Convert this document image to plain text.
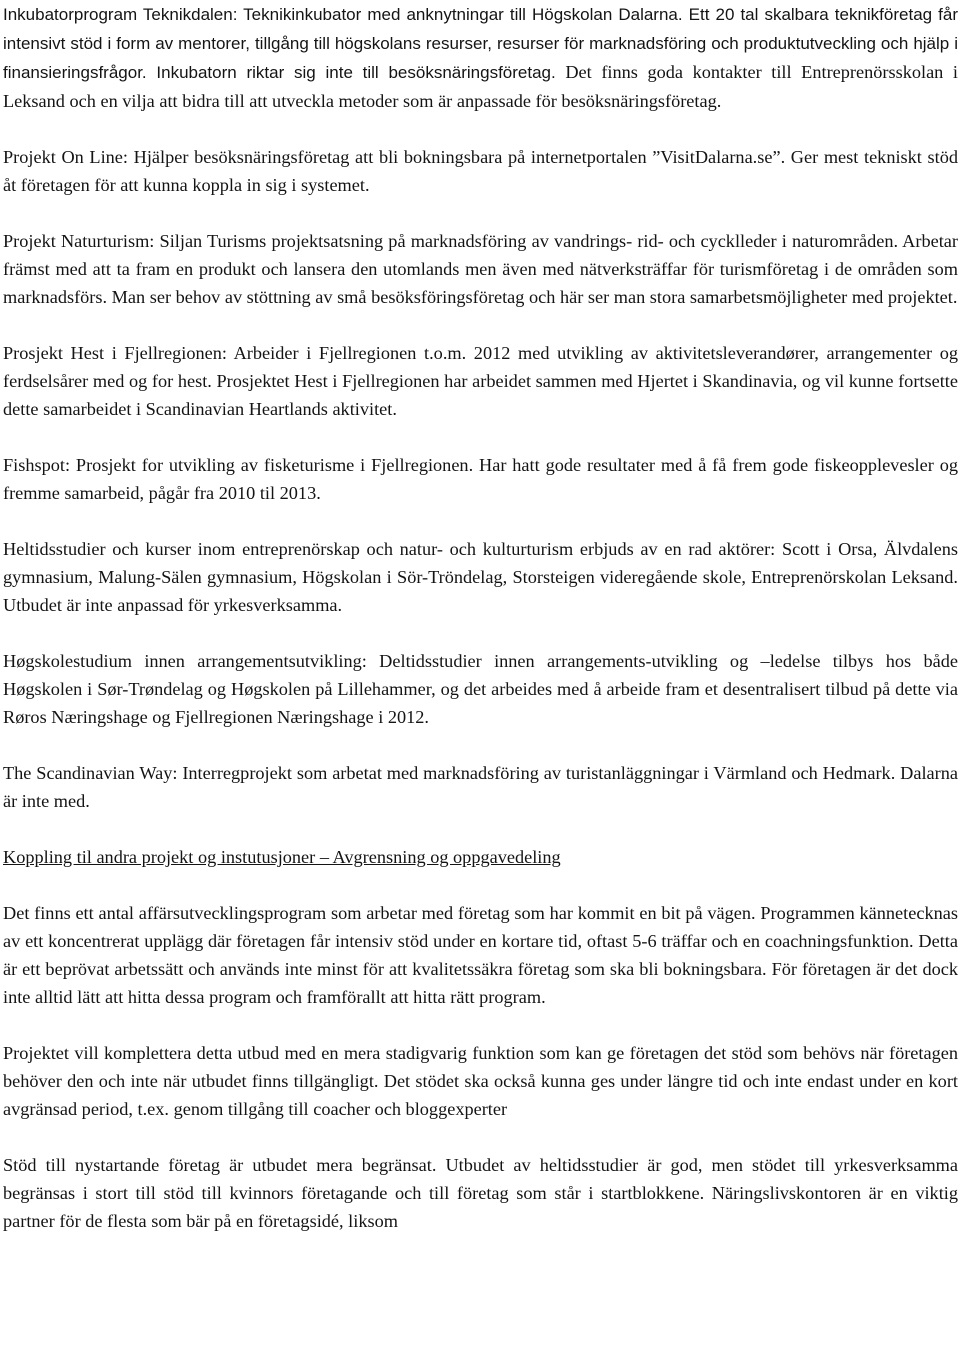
Inkubatorprogram Teknikdalen: Teknikinkubator med anknytningar till Högskolan Dalarna. Ett 20 tal skalbara teknikföretag får intensivt stöd i form av mentorer, tillgång till högskolans resurser, resurser för marknadsföring och produktutveckling och hjälp i finansieringsfrågor. Inkubatorn riktar sig inte till besöksnäringsföretag. Det finns goda kontakter till Entreprenörsskolan i Leksand och en vilja att bidra till att utveckla metoder som är anpassade för besöksnäringsföretag.

Projekt On Line: Hjälper besöksnäringsföretag att bli bokningsbara på internetportalen ”VisitDalarna.se”. Ger mest tekniskt stöd åt företagen för att kunna koppla in sig i systemet.

Projekt Naturturism: Siljan Turisms projektsatsning på marknadsföring av vandrings- rid- och cycklleder i naturområden. Arbetar främst med att ta fram en produkt och lansera den utomlands men även med nätverksträffar för turismföretag i de områden som marknadsförs. Man ser behov av stöttning av små besöksföringsföretag och här ser man stora samarbetsmöjligheter med projektet.

Prosjekt Hest i Fjellregionen: Arbeider i Fjellregionen t.o.m. 2012 med utvikling av aktivitetsleverandører, arrangementer og ferdselsårer med og for hest. Prosjektet Hest i Fjellregionen har arbeidet sammen med Hjertet i Skandinavia, og vil kunne fortsette dette samarbeidet i Scandinavian Heartlands aktivitet.

Fishspot: Prosjekt for utvikling av fisketurisme i Fjellregionen. Har hatt gode resultater med å få frem gode fiskeopplevesler og fremme samarbeid, pågår fra 2010 til 2013.

Heltidsstudier och kurser inom entreprenörskap och natur- och kulturturism erbjuds av en rad aktörer: Scott i Orsa, Älvdalens gymnasium, Malung-Sälen gymnasium, Högskolan i Sör-Tröndelag, Storsteigen videregående skole, Entreprenörskolan Leksand. Utbudet är inte anpassad för yrkesverksamma.

Høgskolestudium innen arrangementsutvikling: Deltidsstudier innen arrangements-utvikling og –ledelse tilbys hos både Høgskolen i Sør-Trøndelag og Høgskolen på Lillehammer, og det arbeides med å arbeide fram et desentralisert tilbud på dette via Røros Næringshage og Fjellregionen Næringshage i 2012.

The Scandinavian Way: Interregprojekt som arbetat med marknadsföring av turistanläggningar i Värmland och Hedmark. Dalarna är inte med.

Koppling til andra projekt og instutusjoner – Avgrensning og oppgavedeling

Det finns ett antal affärsutvecklingsprogram som arbetar med företag som har kommit en bit på vägen. Programmen kännetecknas av ett koncentrerat upplägg där företagen får intensiv stöd under en kortare tid, oftast 5-6 träffar och en coachningsfunktion. Detta är ett beprövat arbetssätt och används inte minst för att kvalitetssäkra företag som ska bli bokningsbara. För företagen är det dock inte alltid lätt att hitta dessa program och framförallt att hitta rätt program.

Projektet vill komplettera detta utbud med en mera stadigvarig funktion som kan ge företagen det stöd som behövs när företagen behöver den och inte när utbudet finns tillgängligt. Det stödet ska också kunna ges under längre tid och inte endast under en kort avgränsad period, t.ex. genom tillgång till coacher och bloggexperter

Stöd till nystartande företag är utbudet mera begränsat. Utbudet av heltidsstudier är god, men stödet till yrkesverksamma begränsas i stort till stöd till kvinnors företagande och till företag som står i startblokkene. Näringslivskontoren är en viktig partner för de flesta som bär på en företagsidé, liksom
